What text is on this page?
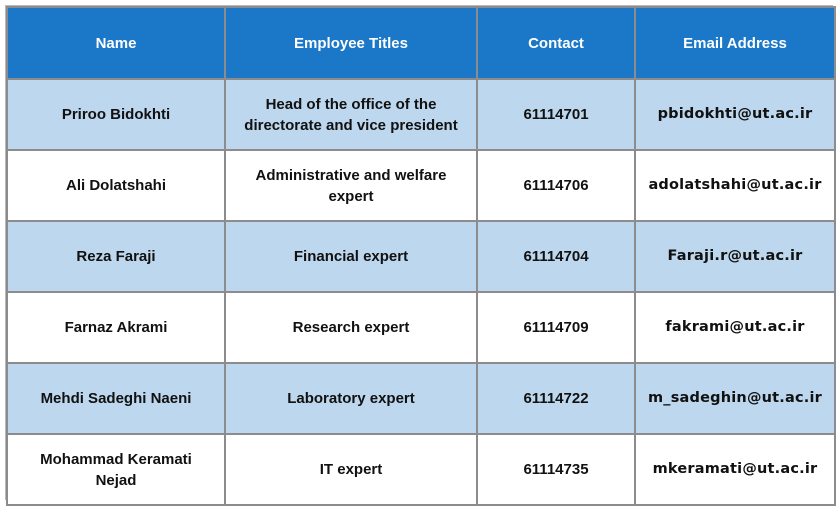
Name	Employee Titles	Contact	Email Address
Priroo Bidokhti	Head of the office of the directorate and vice president	61114701	pbidokhti@ut.ac.ir
Ali Dolatshahi	Administrative and welfare expert	61114706	adolatshahi@ut.ac.ir
Reza Faraji	Financial expert	61114704	Faraji.r@ut.ac.ir
Farnaz Akrami	Research expert	61114709	fakrami@ut.ac.ir
Mehdi Sadeghi Naeni	Laboratory expert	61114722	m_sadeghin@ut.ac.ir
Mohammad Keramati Nejad	IT expert	61114735	mkeramati@ut.ac.ir
